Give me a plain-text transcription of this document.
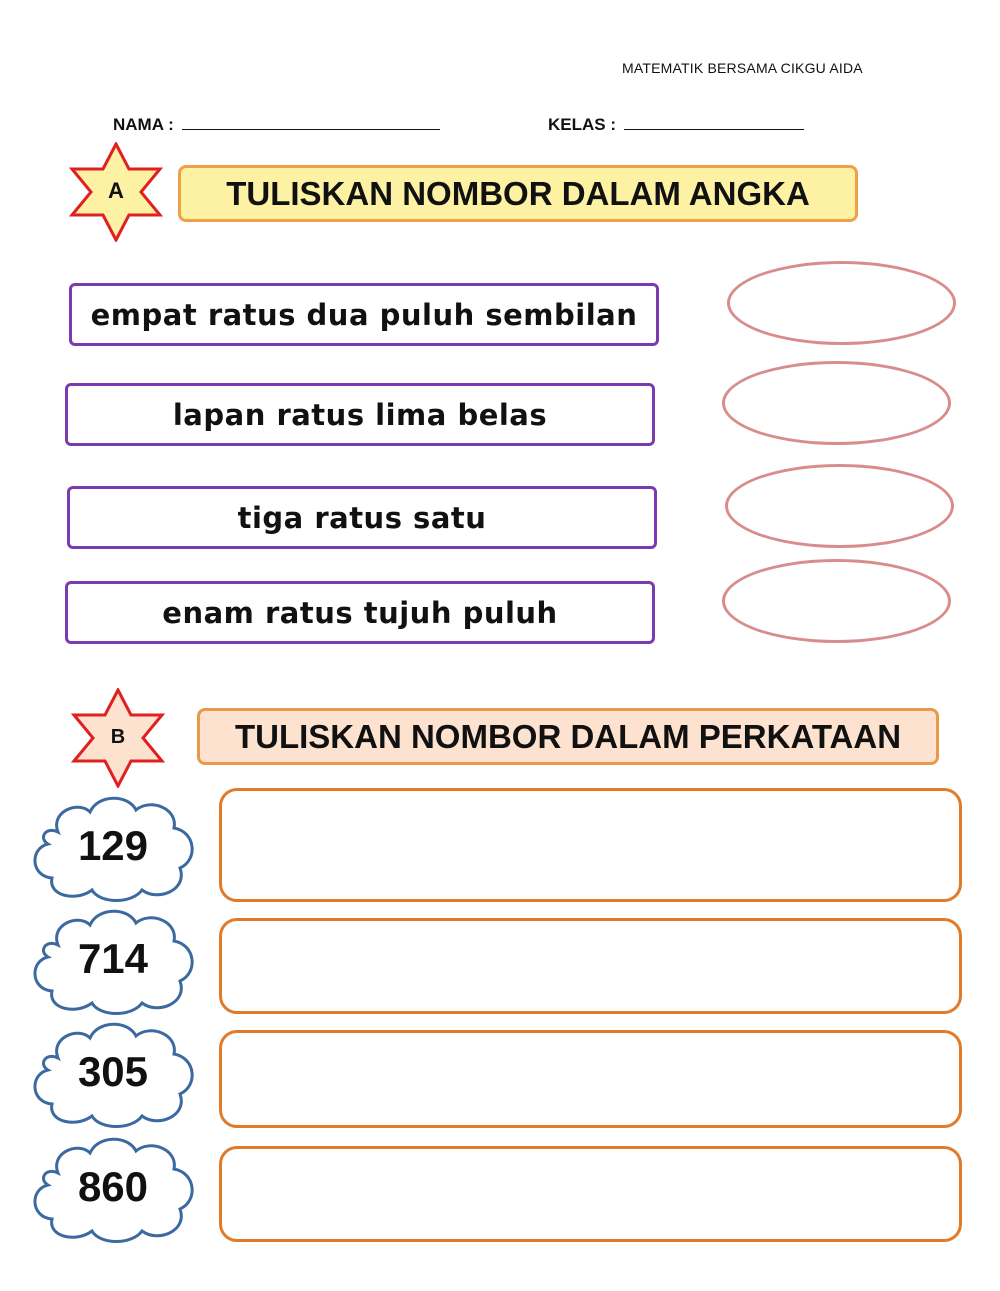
MATEMATIK BERSAMA CIKGU AIDA
NAMA :	KELAS :
A	TULISKAN NOMBOR DALAM ANGKA
empat ratus dua puluh sembilan
lapan ratus lima belas
tiga ratus satu
enam ratus tujuh puluh
B	TULISKAN NOMBOR DALAM PERKATAAN
129
714
305
860
